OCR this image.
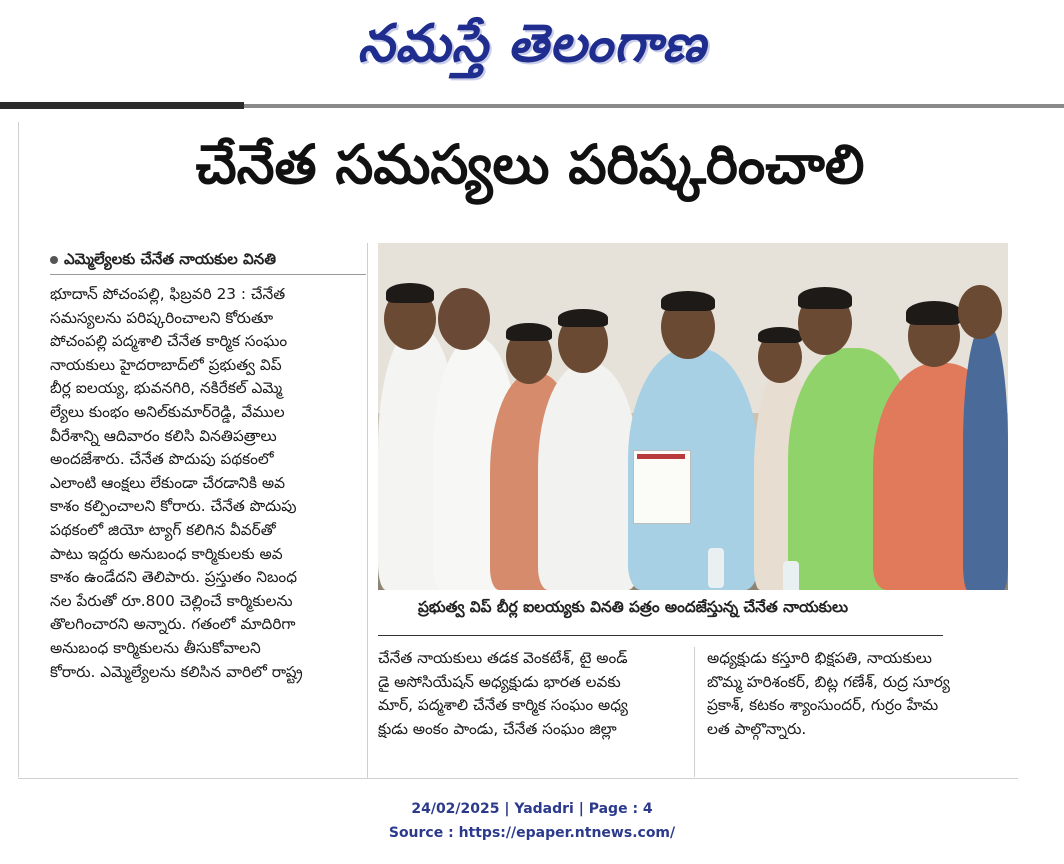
నమస్తే తెలంగాణ
చేనేత సమస్యలు పరిష్కరించాలి
ఎమ్మెల్యేలకు చేనేత నాయకుల వినతి

భూదాన్ పోచంపల్లి, ఫిబ్రవరి 23 : చేనేత

సమస్యలను పరిష్కరించాలని కోరుతూ

పోచంపల్లి పద్మశాలి చేనేత కార్మిక సంఘం

నాయకులు హైదరాబాద్‌లో ప్రభుత్వ విప్

బీర్ల ఐలయ్య, భువనగిరి, నకిరేకల్ ఎమ్మె

ల్యేలు కుంభం అనిల్‌కుమార్‌రెడ్డి, వేముల

వీరేశాన్ని ఆదివారం కలిసి వినతిపత్రాలు

అందజేశారు. చేనేత పొదుపు పథకంలో

ఎలాంటి ఆంక్షలు లేకుండా చేరడానికి అవ

కాశం కల్పించాలని కోరారు. చేనేత పొదుపు

పథకంలో జియో ట్యాగ్ కలిగిన వీవర్‌తో

పాటు ఇద్దరు అనుబంధ కార్మికులకు అవ

కాశం ఉండేదని తెలిపారు. ప్రస్తుతం నిబంధ

నల పేరుతో రూ.800 చెల్లించే కార్మికులను

తొలగించారని అన్నారు. గతంలో మాదిరిగా

అనుబంధ కార్మికులను తీసుకోవాలని

కోరారు. ఎమ్మెల్యేలను కలిసిన వారిలో రాష్ట్ర

ప్రభుత్వ విప్ బీర్ల ఐలయ్యకు వినతి పత్రం అందజేస్తున్న చేనేత నాయకులు

చేనేత నాయకులు తడక వెంకటేశ్, టై అండ్

డై అసోసియేషన్ అధ్యక్షుడు భారత లవకు

మార్, పద్మశాలి చేనేత కార్మిక సంఘం అధ్య

క్షుడు అంకం పాండు, చేనేత సంఘం జిల్లా

అధ్యక్షుడు కస్తూరి భిక్షపతి, నాయకులు

బొమ్మ హరిశంకర్, బిట్ల గణేశ్, రుద్ర సూర్య

ప్రకాశ్, కటకం శ్యాంసుందర్, గుర్రం హేమ

లత పాల్గొన్నారు.

24/02/2025 | Yadadri | Page : 4
Source : https://epaper.ntnews.com/
